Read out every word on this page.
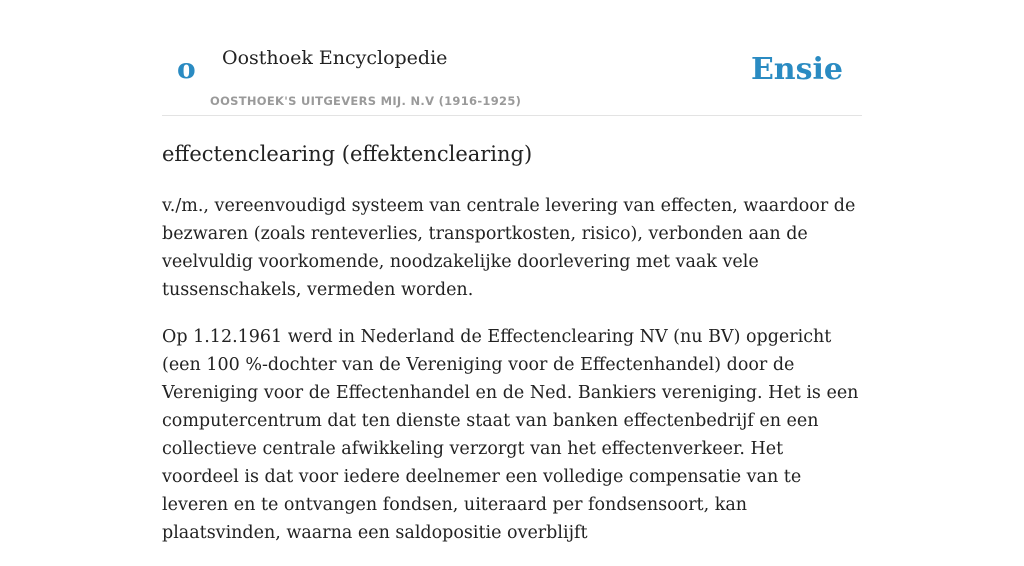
o Oosthoek Encyclopedie
OOSTHOEK'S UITGEVERS MIJ. N.V (1916-1925)
Ensie
effectenclearing (effektenclearing)

v./m., vereenvoudigd systeem van centrale levering van effecten, waardoor de bezwaren (zoals renteverlies, transportkosten, risico), verbonden aan de veelvuldig voorkomende, noodzakelijke doorlevering met vaak vele tussenschakels, vermeden worden.

Op 1.12.1961 werd in Nederland de Effectenclearing NV (nu BV) opgericht (een 100 %-dochter van de Vereniging voor de Effectenhandel) door de Vereniging voor de Effectenhandel en de Ned. Bankiers vereniging. Het is een computercentrum dat ten dienste staat van banken effectenbedrijf en een collectieve centrale afwikkeling verzorgt van het effectenverkeer. Het voordeel is dat voor iedere deelnemer een volledige compensatie van te leveren en te ontvangen fondsen, uiteraard per fondsensoort, kan plaatsvinden, waarna een saldopositie overblijft
